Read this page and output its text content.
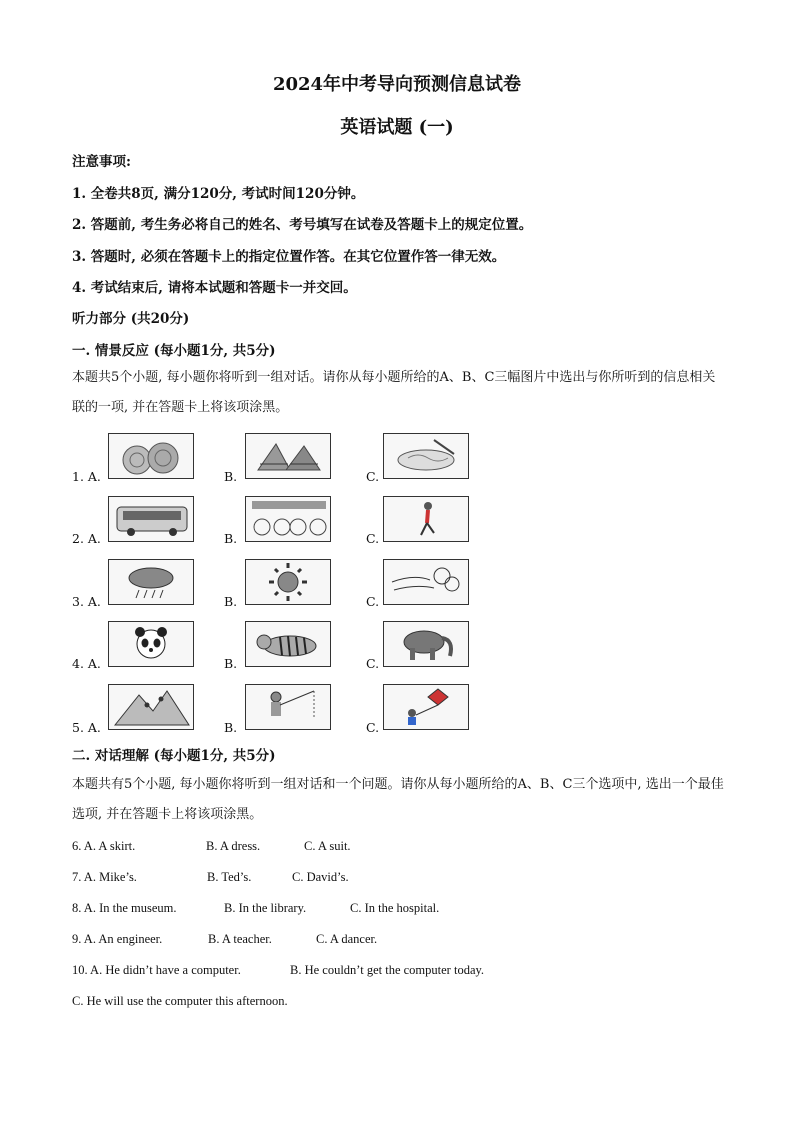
2024年中考导向预测信息试卷
英语试题 (一)
注意事项:
1. 全卷共8页, 满分120分, 考试时间120分钟。
2. 答题前, 考生务必将自己的姓名、考号填写在试卷及答题卡上的规定位置。
3. 答题时, 必须在答题卡上的指定位置作答。在其它位置作答一律无效。
4. 考试结束后, 请将本试题和答题卡一并交回。
听力部分 (共20分)
一. 情景反应 (每小题1分, 共5分)
本题共5个小题, 每小题你将听到一组对话。请你从每小题所给的A、B、C三幅图片中选出与你所听到的信息相关联的一项, 并在答题卡上将该项涂黑。
1. A.	B.	C.
2. A.	B.	C.
3. A.	B.	C.
4. A.	B.	C.
5. A.	B.	C.
二. 对话理解 (每小题1分, 共5分)
本题共有5个小题, 每小题你将听到一组对话和一个问题。请你从每小题所给的A、B、C三个选项中, 选出一个最佳选项, 并在答题卡上将该项涂黑。
6. A. A skirt.	B. A dress.	C. A suit.
7. A. Mike’s.	B. Ted’s.	C. David’s.
8. A. In the museum.	B. In the library.	C. In the hospital.
9. A. An engineer.	B. A teacher.	C. A dancer.
10. A. He didn’t have a computer.	B. He couldn’t get the computer today.
C. He will use the computer this afternoon.
